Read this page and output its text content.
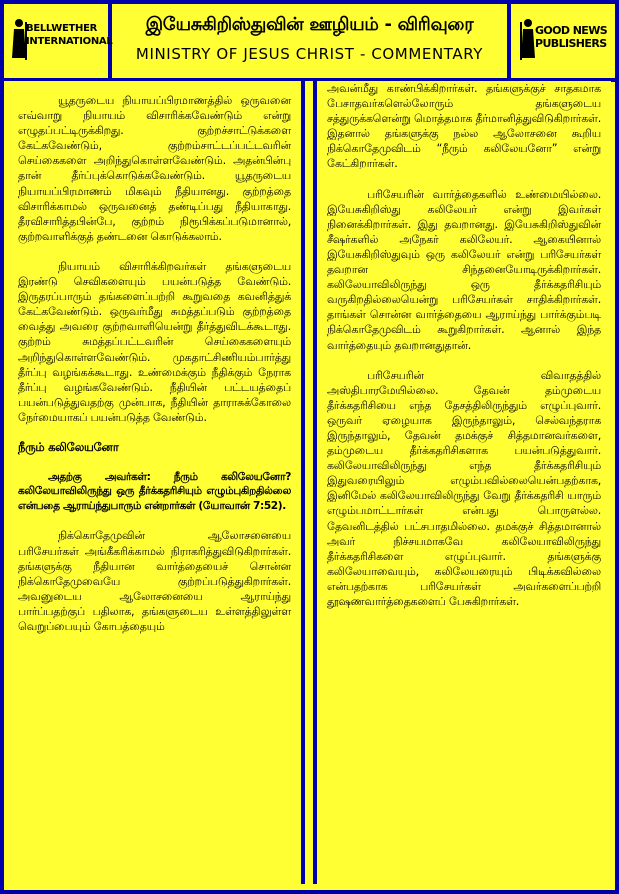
BELLWETHER
INTERNATIONAL
இயேசுகிறிஸ்துவின் ஊழியம் - விரிவுரை
MINISTRY OF JESUS CHRIST - COMMENTARY
GOOD NEWS
PUBLISHERS

யூதருடைய நியாயப்பிரமாணத்தில் ஒருவனை எவ்வாறு நியாயம் விசாரிக்கவேண்டும் என்று எழுதப்பட்டிருக்கிறது. குற்றச்சாட்டுக்களை கேட்கவேண்டும், குற்றம்சாட்டப்பட்டவரின் செய்கைகளை அறிந்துகொள்ளவேண்டும். அதன்பின்பு தான் தீர்ப்புக்கொடுக்கவேண்டும். யூதருடைய நியாயப்பிரமாணம் மிகவும் நீதியானது. குற்றத்தை விசாரிக்காமல் ஒருவனைத் தண்டிப்பது நீதியாகாது. தீரவிசாரித்தபின்பே, குற்றம் நிரூபிக்கப்படுமானால், குற்றவாளிக்குத் தண்டனை கொடுக்கலாம்.

நியாயம் விசாரிக்கிறவர்கள் தங்களுடைய இரண்டு செவிகளையும் பயன்படுத்த வேண்டும். இருதரப்பாரும் தங்களைப்பற்றி கூறுவதை கவனித்துக் கேட்கவேண்டும். ஒருவர்மீது சுமத்தப்படும் குற்றத்தை வைத்து அவரை குற்றவாளியென்று தீர்த்துவிடக்கூடாது. குற்றம் சுமத்தப்பட்டவரின் செய்கைகளையும் அறிந்துகொள்ளவேண்டும். முகதாட்சிணியம்பார்த்து தீர்ப்பு வழங்கக்கூடாது. உண்மைக்கும் நீதிக்கும் நேராக தீர்ப்பு வழங்கவேண்டும். நீதியின் பட்டயத்தைப் பயன்படுத்துவதற்கு முன்பாக, நீதியின் தாராசுக்கோலை நேர்மையாகப் பயன்படுத்த வேண்டும்.

நீரும் கலிலேயனோ
அதற்கு அவர்கள்: நீரும் கலிலேயனோ? கலிலேயாவிலிருந்து ஒரு தீர்க்கதரிசியும் எழும்புகிறதில்லை என்பதை ஆராய்ந்துபாரும் என்றார்கள் (யோவான் 7:52).

நிக்கொதேமுவின் ஆலோசனையை பரிசேயர்கள் அங்கீகரிக்காமல் நிராகரித்துவிடுகிறார்கள். தங்களுக்கு நீதியான வார்த்தையைச் சொன்ன நிக்கொதேமுவையே குற்றப்படுத்துகிறார்கள். அவனுடைய ஆலோசனையை ஆராய்ந்து பார்ப்பதற்குப் பதிலாக, தங்களுடைய உள்ளத்திலுள்ள வெறுப்பையும் கோபத்தையும்

அவன்மீது காண்பிக்கிறார்கள். தங்களுக்குச் சாதகமாக பேசாதவர்களெல்லோரும் தங்களுடைய சத்துருக்களென்று மொத்தமாக தீர்மானித்துவிடுகிறார்கள். இதனால் தங்களுக்கு நல்ல ஆலோசனை கூறிய நிக்கொதேமுவிடம் “நீரும் கலிலேயனோ” என்று கேட்கிறார்கள்.

பரிசேயரின் வார்த்தைகளில் உண்மையில்லை. இயேசுகிறிஸ்து கலிலேயர் என்று இவர்கள் நினைக்கிறார்கள். இது தவறானது. இயேசுகிறிஸ்துவின் சீஷர்களில் அநேகர் கலிலேயர். ஆகையினால் இயேசுகிறிஸ்துவும் ஒரு கலிலேயர் என்று பரிசேயர்கள் தவறான சிந்தனையோடிருக்கிறார்கள். கலிலேயாவிலிருந்து ஒரு தீர்க்கதரிசியும் வருகிறதில்லையென்று பரிசேயர்கள் சாதிக்கிறார்கள். தாங்கள் சொன்ன வார்த்தையை ஆராய்ந்து பார்க்கும்படி நிக்கொதேமுவிடம் கூறுகிறார்கள். ஆனால் இந்த வார்த்தையும் தவறானதுதான்.

பரிசேயரின் விவாதத்தில் அஸ்திபாரமேயில்லை. தேவன் தம்முடைய தீர்க்கதரிசியை எந்த தேசத்திலிருந்தும் எழுப்புவார். ஒருவர் ஏழையாக இருந்தாலும், செல்வந்தராக இருந்தாலும், தேவன் தமக்குச் சித்தமானவர்களை, தம்முடைய தீர்க்கதரிசிகளாக பயன்படுத்துவார். கலிலேயாவிலிருந்து எந்த தீர்க்கதரிசியும் இதுவரையிலும் எழும்பவில்லையென்பதற்காக, இனிமேல் கலிலேயாவிலிருந்து வேறு தீர்க்கதரிசி யாரும் எழும்பமாட்டார்கள் என்பது பொருளல்ல. தேவனிடத்தில் பட்சபாதமில்லை. தமக்குச் சித்தமானால் அவர் நிச்சயமாகவே கலிலேயாவிலிருந்து தீர்க்கதரிசிகளை எழுப்புவார். தங்களுக்கு கலிலேயாவையும், கலிலேயரையும் பிடிக்கவில்லை என்பதற்காக பரிசேயர்கள் அவர்களைப்பற்றி தூஷணவார்த்தைகளைப் பேசுகிறார்கள்.
